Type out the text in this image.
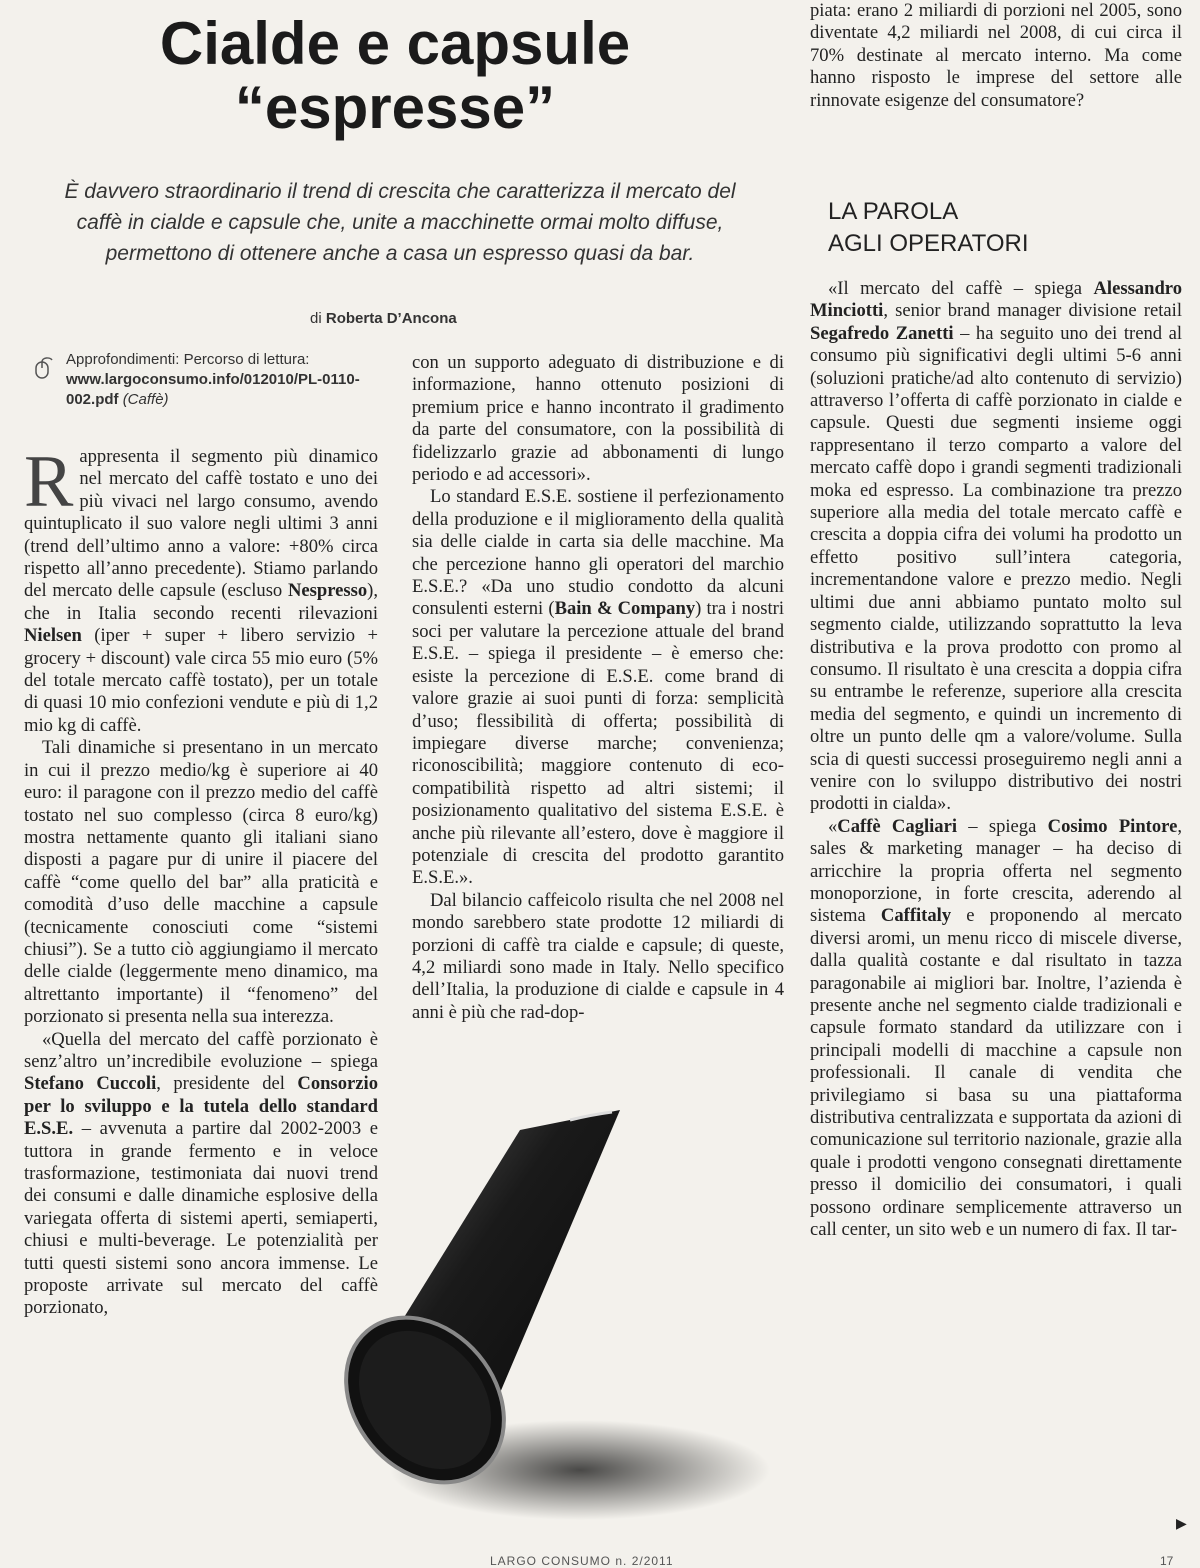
Cialde e capsule
“espresse”
È davvero straordinario il trend di crescita che caratterizza il mercato del caffè in cialde e capsule che, unite a macchinette ormai molto diffuse, permettono di ottenere anche a casa un espresso quasi da bar.
di Roberta D’Ancona
Approfondimenti: Percorso di lettura:
www.largoconsumo.info/012010/PL-0110-002.pdf (Caffè)

Rappresenta il segmento più dinamico nel mercato del caffè tostato e uno dei più vivaci nel largo consumo, avendo quintuplicato il suo valore negli ultimi 3 anni (trend dell’ultimo anno a valore: +80% circa rispetto all’anno precedente). Stiamo parlando del mercato delle capsule (escluso Nespresso), che in Italia secondo recenti rilevazioni Nielsen (iper + super + libero servizio + grocery + discount) vale circa 55 mio euro (5% del totale mercato caffè tostato), per un totale di quasi 10 mio confezioni vendute e più di 1,2 mio kg di caffè.

Tali dinamiche si presentano in un mercato in cui il prezzo medio/kg è superiore ai 40 euro: il paragone con il prezzo medio del caffè tostato nel suo complesso (circa 8 euro/kg) mostra nettamente quanto gli italiani siano disposti a pagare pur di unire il piacere del caffè “come quello del bar” alla praticità e comodità d’uso delle macchine a capsule (tecnicamente conosciuti come “sistemi chiusi”). Se a tutto ciò aggiungiamo il mercato delle cialde (leggermente meno dinamico, ma altrettanto importante) il “fenomeno” del porzionato si presenta nella sua interezza.

«Quella del mercato del caffè porzionato è senz’altro un’incredibile evoluzione – spiega Stefano Cuccoli, presidente del Consorzio per lo sviluppo e la tutela dello standard E.S.E. – avvenuta a partire dal 2002-2003 e tuttora in grande fermento e in veloce trasformazione, testimoniata dai nuovi trend dei consumi e dalle dinamiche esplosive della variegata offerta di sistemi aperti, semiaperti, chiusi e multi-beverage. Le potenzialità per tutti questi sistemi sono ancora immense. Le proposte arrivate sul mercato del caffè porzionato,

con un supporto adeguato di distribuzione e di informazione, hanno ottenuto posizioni di premium price e hanno incontrato il gradimento da parte del consumatore, con la possibilità di fidelizzarlo grazie ad abbonamenti di lungo periodo e ad accessori».

Lo standard E.S.E. sostiene il perfezionamento della produzione e il miglioramento della qualità sia delle cialde in carta sia delle macchine. Ma che percezione hanno gli operatori del marchio E.S.E.? «Da uno studio condotto da alcuni consulenti esterni (Bain & Company) tra i nostri soci per valutare la percezione attuale del brand E.S.E. – spiega il presidente – è emerso che: esiste la percezione di E.S.E. come brand di valore grazie ai suoi punti di forza: semplicità d’uso; flessibilità di offerta; possibilità di impiegare diverse marche; convenienza; riconoscibilità; maggiore contenuto di eco-compatibilità rispetto ad altri sistemi; il posizionamento qualitativo del sistema E.S.E. è anche più rilevante all’estero, dove è maggiore il potenziale di crescita del prodotto garantito E.S.E.».

Dal bilancio caffeicolo risulta che nel 2008 nel mondo sarebbero state prodotte 12 miliardi di porzioni di caffè tra cialde e capsule; di queste, 4,2 miliardi sono made in Italy. Nello specifico dell’Italia, la produzione di cialde e capsule in 4 anni è più che rad-dop-

piata: erano 2 miliardi di porzioni nel 2005, sono diventate 4,2 miliardi nel 2008, di cui circa il 70% destinate al mercato interno. Ma come hanno risposto le imprese del settore alle rinnovate esigenze del consumatore?

LA PAROLA
AGLI OPERATORI

«Il mercato del caffè – spiega Alessandro Minciotti, senior brand manager divisione retail Segafredo Zanetti – ha seguito uno dei trend al consumo più significativi degli ultimi 5-6 anni (soluzioni pratiche/ad alto contenuto di servizio) attraverso l’offerta di caffè porzionato in cialde e capsule. Questi due segmenti insieme oggi rappresentano il terzo comparto a valore del mercato caffè dopo i grandi segmenti tradizionali moka ed espresso. La combinazione tra prezzo superiore alla media del totale mercato caffè e crescita a doppia cifra dei volumi ha prodotto un effetto positivo sull’intera categoria, incrementandone valore e prezzo medio. Negli ultimi due anni abbiamo puntato molto sul segmento cialde, utilizzando soprattutto la leva distributiva e la prova prodotto con promo al consumo. Il risultato è una crescita a doppia cifra su entrambe le referenze, superiore alla crescita media del segmento, e quindi un incremento di oltre un punto delle qm a valore/volume. Sulla scia di questi successi proseguiremo negli anni a venire con lo sviluppo distributivo dei nostri prodotti in cialda».

«Caffè Cagliari – spiega Cosimo Pintore, sales & marketing manager – ha deciso di arricchire la propria offerta nel segmento monoporzione, in forte crescita, aderendo al sistema Caffitaly e proponendo al mercato diversi aromi, un menu ricco di miscele diverse, dalla qualità costante e dal risultato in tazza paragonabile ai migliori bar. Inoltre, l’azienda è presente anche nel segmento cialde tradizionali e capsule formato standard da utilizzare con i principali modelli di macchine a capsule non professionali. Il canale di vendita che privilegiamo si basa su una piattaforma distributiva centralizzata e supportata da azioni di comunicazione sul territorio nazionale, grazie alla quale i prodotti vengono consegnati direttamente presso il domicilio dei consumatori, i quali possono ordinare semplicemente attraverso un call center, un sito web e un numero di fax. Il tar-

▶
LARGO CONSUMO n. 2/2011	17
